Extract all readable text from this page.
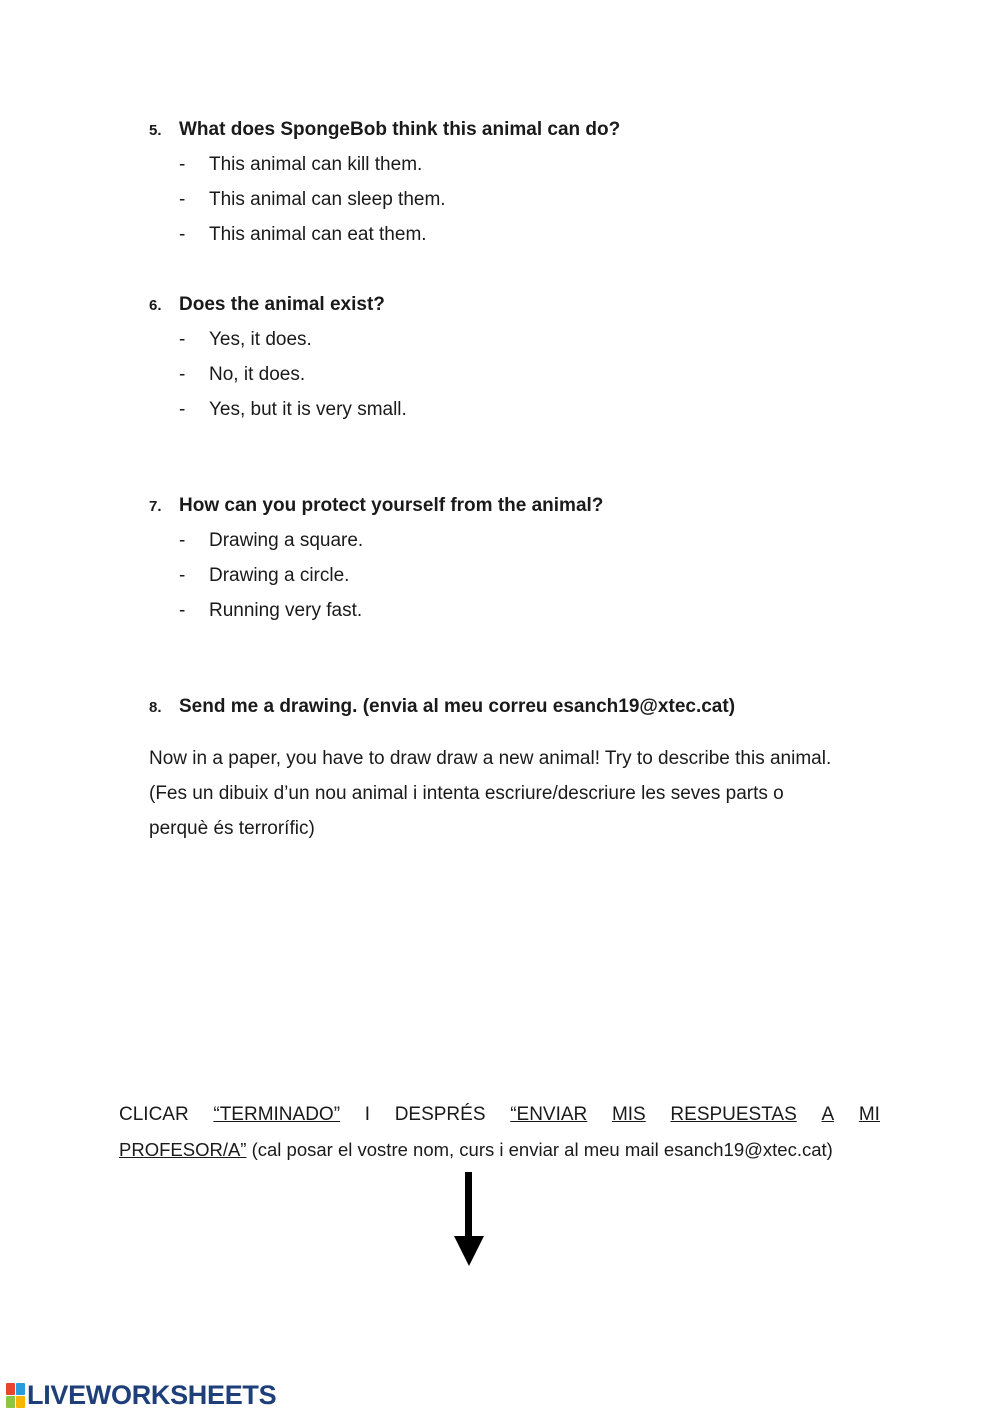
5. What does SpongeBob think this animal can do?
- This animal can kill them.
- This animal can sleep them.
- This animal can eat them.
6. Does the animal exist?
- Yes, it does.
- No, it does.
- Yes, but it is very small.
7. How can you protect yourself from the animal?
- Drawing a square.
- Drawing a circle.
- Running very fast.
8. Send me a drawing. (envia al meu correu esanch19@xtec.cat)
Now in a paper, you have to draw draw a new animal! Try to describe this animal.
(Fes un dibuix d’un nou animal i intenta escriure/descriure les seves parts o
perquè és terrorífic)
CLICAR “TERMINADO” I DESPRÉS “ENVIAR MIS RESPUESTAS A MI
PROFESOR/A” (cal posar el vostre nom, curs i enviar al meu mail esanch19@xtec.cat)
LIVEWORKSHEETS
